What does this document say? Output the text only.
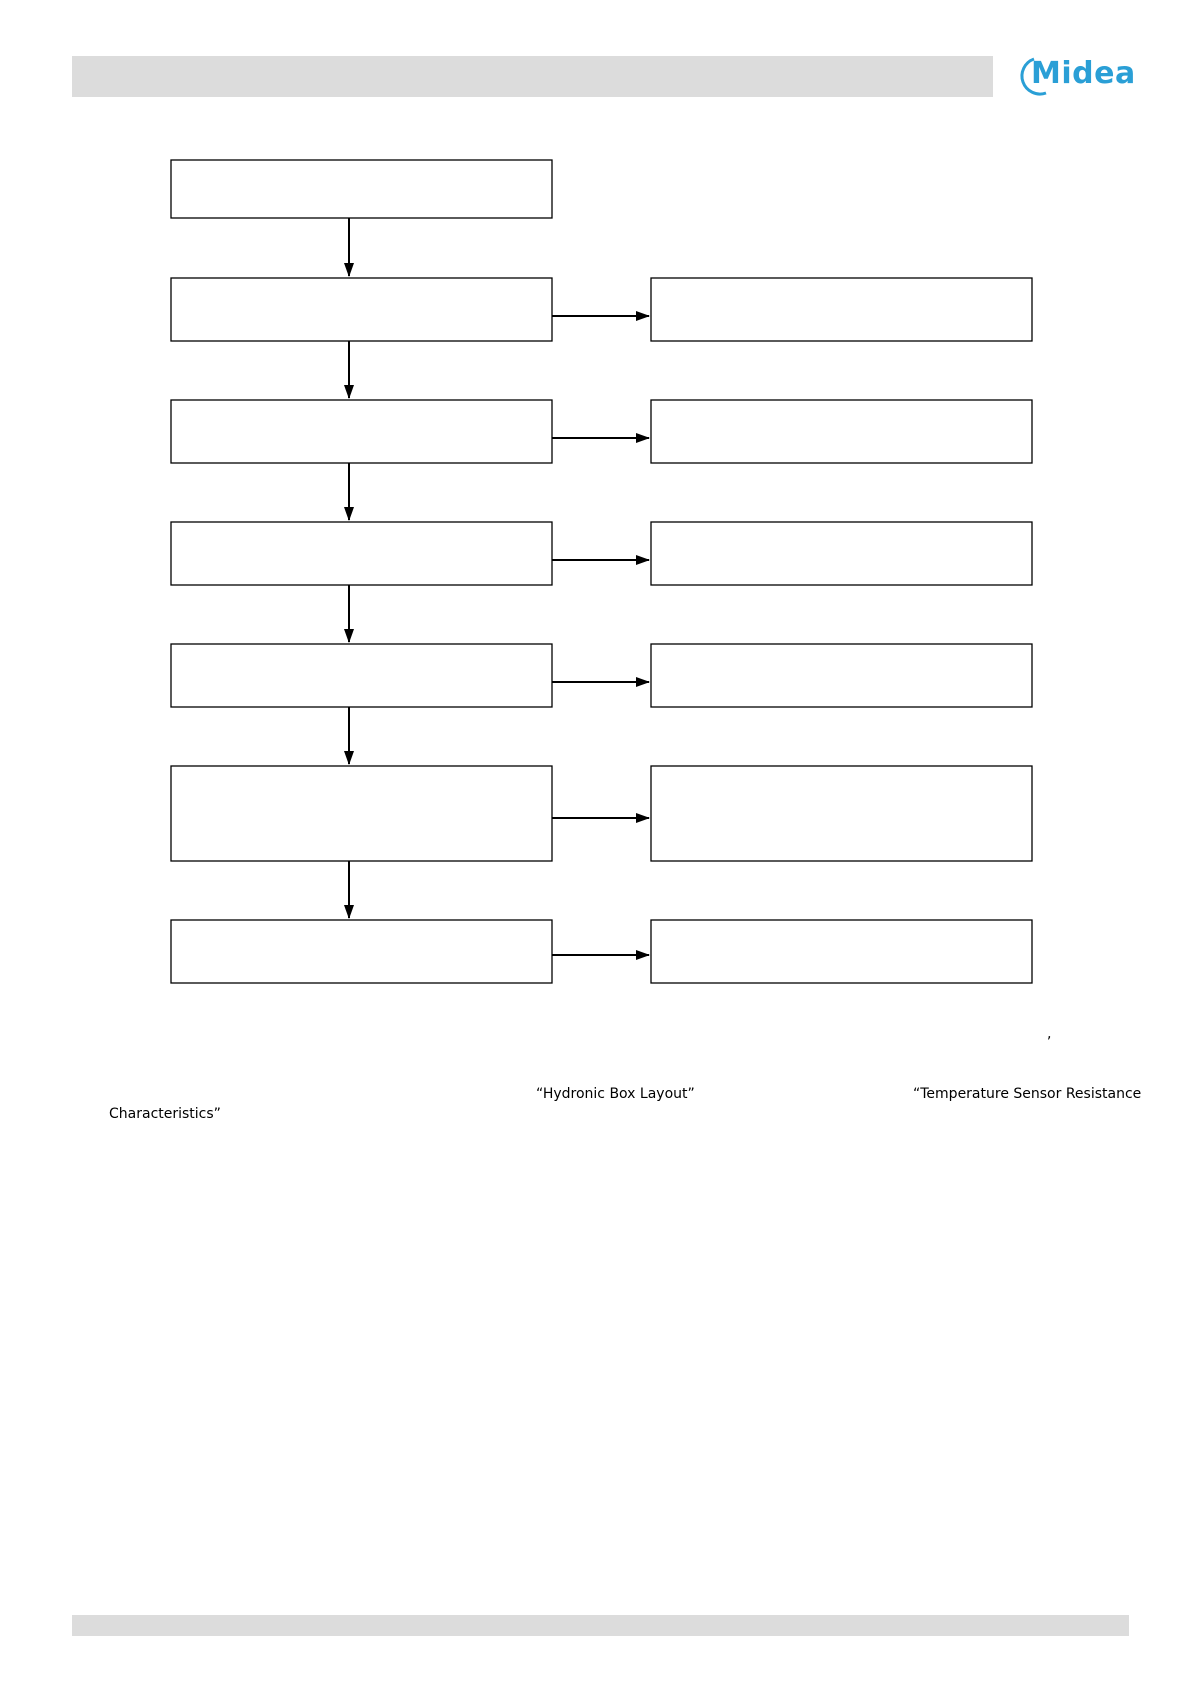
Midea
,
“Hydronic Box Layout”	“Temperature Sensor Resistance
Characteristics”
